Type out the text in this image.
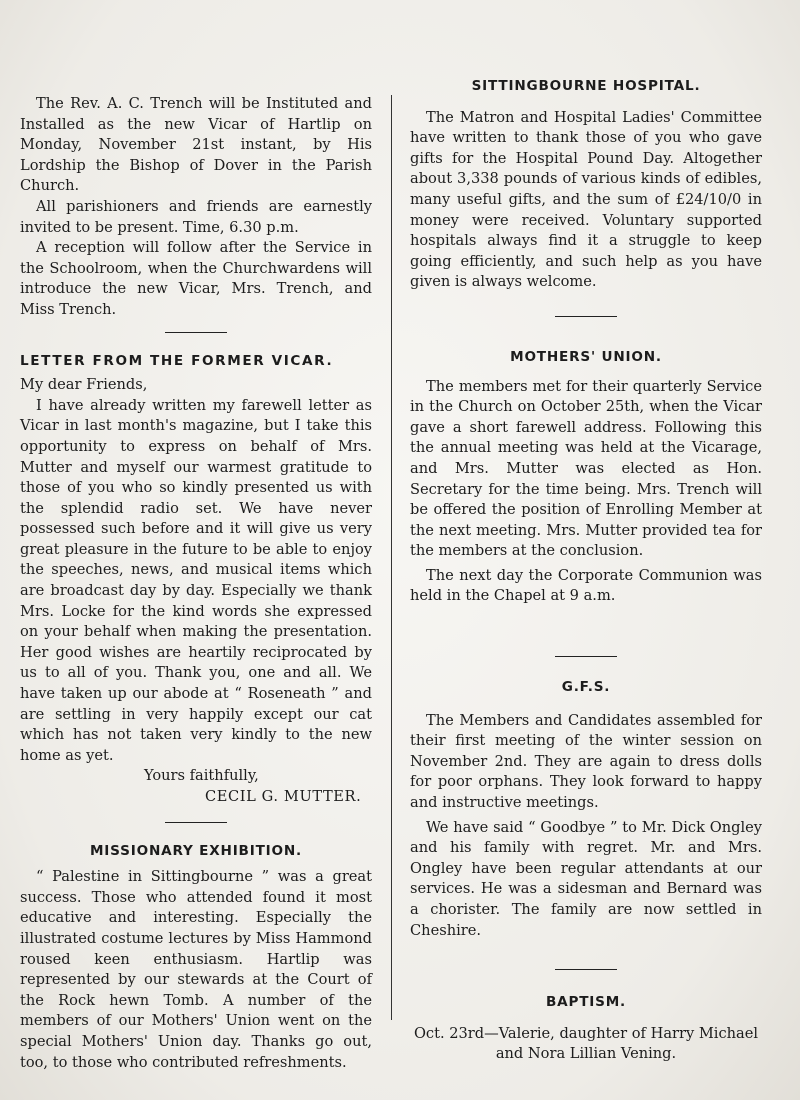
The Rev. A. C. Trench will be Instituted and Installed as the new Vicar of Hartlip on Monday, November 21st instant, by His Lordship the Bishop of Dover in the Parish Church.

All parishioners and friends are earnestly invited to be present. Time, 6.30 p.m.

A reception will follow after the Service in the Schoolroom, when the Churchwardens will introduce the new Vicar, Mrs. Trench, and Miss Trench.

LETTER FROM THE FORMER VICAR.

My dear Friends,

I have already written my farewell letter as Vicar in last month's magazine, but I take this opportunity to express on behalf of Mrs. Mutter and myself our warmest gratitude to those of you who so kindly presented us with the splendid radio set. We have never possessed such before and it will give us very great pleasure in the future to be able to enjoy the speeches, news, and musical items which are broadcast day by day. Especially we thank Mrs. Locke for the kind words she expressed on your behalf when making the presentation. Her good wishes are heartily reciprocated by us to all of you. Thank you, one and all. We have taken up our abode at “ Roseneath ” and are settling in very happily except our cat which has not taken very kindly to the new home as yet.

Yours faithfully,

CECIL G. MUTTER.

MISSIONARY EXHIBITION.

“ Palestine in Sittingbourne ” was a great success. Those who attended found it most educative and interesting. Especially the illustrated costume lectures by Miss Hammond roused keen enthusiasm. Hartlip was represented by our stewards at the Court of the Rock hewn Tomb. A number of the members of our Mothers' Union went on the special Mothers' Union day. Thanks go out, too, to those who contributed refreshments.

SITTINGBOURNE HOSPITAL.

The Matron and Hospital Ladies' Committee have written to thank those of you who gave gifts for the Hospital Pound Day. Altogether about 3,338 pounds of various kinds of edibles, many useful gifts, and the sum of £24/10/0 in money were received. Voluntary supported hospitals always find it a struggle to keep going efficiently, and such help as you have given is always welcome.

MOTHERS' UNION.

The members met for their quarterly Service in the Church on October 25th, when the Vicar gave a short farewell address. Following this the annual meeting was held at the Vicarage, and Mrs. Mutter was elected as Hon. Secretary for the time being. Mrs. Trench will be offered the position of Enrolling Member at the next meeting. Mrs. Mutter provided tea for the members at the conclusion.

The next day the Corporate Communion was held in the Chapel at 9 a.m.

G.F.S.

The Members and Candidates assembled for their first meeting of the winter session on November 2nd. They are again to dress dolls for poor orphans. They look forward to happy and instructive meetings.

We have said “ Goodbye ” to Mr. Dick Ongley and his family with regret. Mr. and Mrs. Ongley have been regular attendants at our services. He was a sidesman and Bernard was a chorister. The family are now settled in Cheshire.

BAPTISM.

Oct. 23rd—Valerie, daughter of Harry Michael

and Nora Lillian Vening.
